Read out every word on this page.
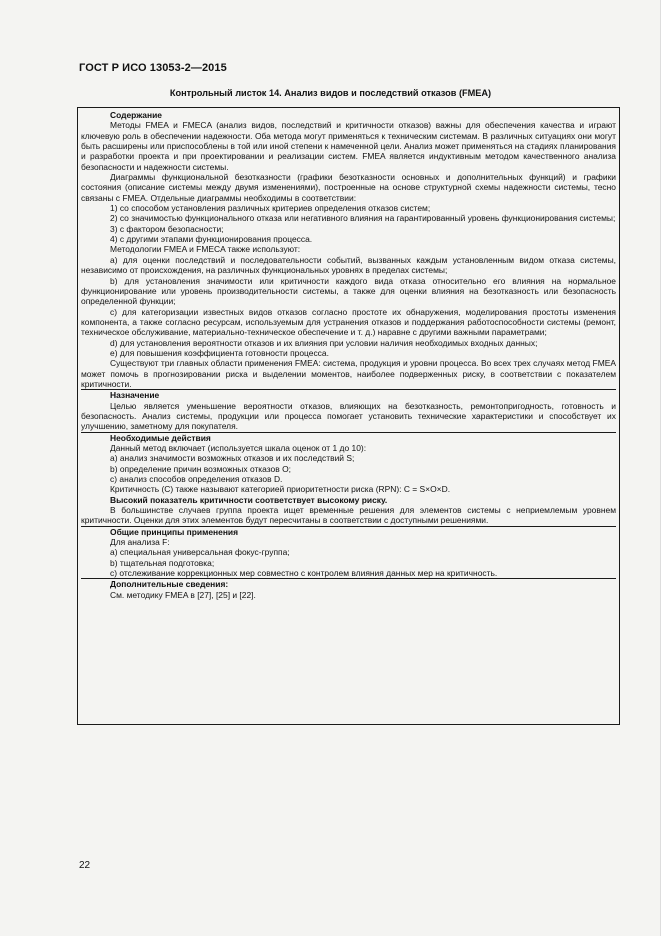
ГОСТ Р ИСО 13053-2—2015
Контрольный листок 14. Анализ видов и последствий отказов (FMEA)
Содержание

Методы FMEA и FMECA (анализ видов, последствий и критичности отказов) важны для обеспечения качества и играют ключевую роль в обеспечении надежности. Оба метода могут применяться к техническим системам. В различных ситуациях они могут быть расширены или приспособлены в той или иной степени к намеченной цели. Анализ может применяться на стадиях планирования и разработки проекта и при проектировании и реализации систем. FMEA является индуктивным методом качественного анализа безопасности и надежности системы.

Диаграммы функциональной безотказности (графики безотказности основных и дополнительных функций) и графики состояния (описание системы между двумя изменениями), построенные на основе структурной схемы надежности системы, тесно связаны с FMEA. Отдельные диаграммы необходимы в соответствии:

1) со способом установления различных критериев определения отказов систем;

2) со значимостью функционального отказа или негативного влияния на гарантированный уровень функционирования системы;

3) с фактором безопасности;

4) с другими этапами функционирования процесса.

Методологии FMEA и FMECA также используют:

a) для оценки последствий и последовательности событий, вызванных каждым установленным видом отказа системы, независимо от происхождения, на различных функциональных уровнях в пределах системы;

b) для установления значимости или критичности каждого вида отказа относительно его влияния на нормальное функционирование или уровень производительности системы, а также для оценки влияния на безотказность или безопасность определенной функции;

c) для категоризации известных видов отказов согласно простоте их обнаружения, моделирования простоты изменения компонента, а также согласно ресурсам, используемым для устранения отказов и поддержания работоспособности системы (ремонт, техническое обслуживание, материально-техническое обеспечение и т. д.) наравне с другими важными параметрами;

d) для установления вероятности отказов и их влияния при условии наличия необходимых входных данных;

e) для повышения коэффициента готовности процесса.

Существуют три главных области применения FMEA: система, продукция и уровни процесса. Во всех трех случаях метод FMEA может помочь в прогнозировании риска и выделении моментов, наиболее подверженных риску, в соответствии с показателем критичности.

Назначение

Целью является уменьшение вероятности отказов, влияющих на безотказность, ремонтопригодность, готовность и безопасность. Анализ системы, продукции или процесса помогает установить технические характеристики и способствует их улучшению, заметному для покупателя.

Необходимые действия

Данный метод включает (используется шкала оценок от 1 до 10):

a) анализ значимости возможных отказов и их последствий S;

b) определение причин возможных отказов O;

c) анализ способов определения отказов D.

Критичность (C) также называют категорией приоритетности риска (RPN): C = S×O×D.

Высокий показатель критичности соответствует высокому риску.

В большинстве случаев группа проекта ищет временные решения для элементов системы с неприемлемым уровнем критичности. Оценки для этих элементов будут пересчитаны в соответствии с доступными решениями.

Общие принципы применения

Для анализа F:

a) специальная универсальная фокус-группа;

b) тщательная подготовка;

c) отслеживание коррекционных мер совместно с контролем влияния данных мер на критичность.

Дополнительные сведения:

См. методику FMEA в [27], [25] и [22].

22
